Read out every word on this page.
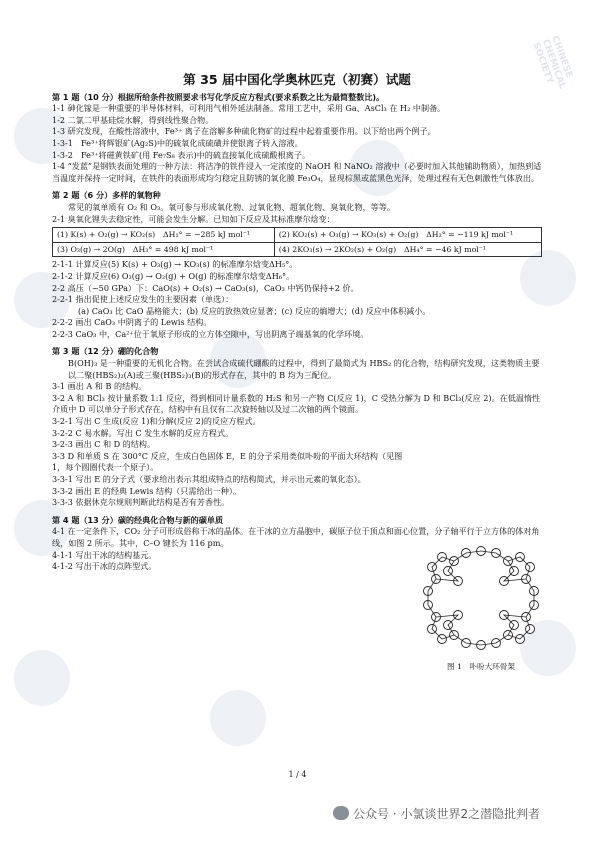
CHINESE CHEMICAL SOCIETY
第 35 届中国化学奥林匹克（初赛）试题

第 1 题（10 分）根据所给条件按照要求书写化学反应方程式(要求系数之比为最简整数比)。

1-1 砷化镓是一种重要的半导体材料，可利用气相外延法制备。常用工艺中，采用 Ga、AsCl₃ 在 H₂ 中制备。

1-2 二氯二甲基硅烷水解，得到线性聚合物。

1-3 研究发现，在酸性溶液中，Fe³⁺ 离子在溶解多种硫化物矿的过程中起着重要作用。以下给出两个例子。

1-3-1　Fe³⁺将辉银矿(Ag₂S)中的硫氧化成硫磺并使银离子转入溶液。

1-3-2　Fe³⁺将磁黄铁矿(用 Fe₇S₈ 表示)中的硫直接氧化成硫酸根离子。

1-4 “发蓝”是钢铁表面处理的一种方法：将洁净的铁件浸入一定浓度的 NaOH 和 NaNO₂ 溶液中（必要时加入其他辅助物质），加热到适当温度并保持一定时间，在铁件的表面形成均匀稳定且防锈的氧化膜 Fe₃O₄，显现棕黑或蓝黑色光泽，处理过程有无色刺激性气体放出。

第 2 题（6 分）多样的氧物种

常见的氧单质有 O₂ 和 O₃。氧可参与形成氧化物、过氧化物、超氧化物、臭氧化物，等等。

2-1 臭氧化锂失去稳定性，可能会发生分解。已知如下反应及其标准摩尔焓变：

(1) K(s) + O₂(g) → KO₂(s)　ΔH₁° = −285 kJ mol⁻¹	(2) KO₂(s) + O₃(g) → KO₃(s) + O₂(g)　ΔH₂° = −119 kJ mol⁻¹
(3) O₃(g) → 2O(g)　ΔH₃° = 498 kJ mol⁻¹	(4) 2KO₃(s) → 2KO₂(s) + O₂(g)　ΔH₄° = −46 kJ mol⁻¹

2-1-1 计算反应(5) K(s) + O₃(g) → KO₃(s) 的标准摩尔焓变ΔH₅°。

2-1-2 计算反应(6) O₃(g) → O₂(g) + O(g) 的标准摩尔焓变ΔH₆°。

2-2 高压（~50 GPa）下：CaO(s) + O₂(s) → CaO₃(s)，CaO₃ 中钙仍保持+2 价。

2-2-1 指出促使上述反应发生的主要因素（单选）：

(a) CaO₃ 比 CaO 晶格能大；(b) 反应的放热效应显著；(c) 反应的熵增大；(d) 反应中体积减小。

2-2-2 画出 CaO₃ 中阴离子的 Lewis 结构。

2-2-3 CaO₃ 中，Ca²⁺位于氧原子形成的立方体空隙中，写出阴离子端基氧的化学环境。

第 3 题（12 分）硼的化合物

B(OH)₃ 是一种重要的无机化合物。在尝试合成硫代硼酸的过程中，得到了最简式为 HBS₂ 的化合物，结构研究发现，这类物质主要以二聚(HBS₂)₂(A)或三聚(HBS₂)₃(B)的形式存在，其中的 B 均为三配位。

3-1 画出 A 和 B 的结构。

3-2 A 和 BCl₃ 按计量系数 1:1 反应，得到相同计量系数的 H₂S 和另一产物 C(反应 1)，C 受热分解为 D 和 BCl₃(反应 2)。在低温惰性介质中 D 可以单分子形式存在，结构中有且仅有二次旋转轴以及过二次轴的两个镜面。

3-2-1 写出 C 生成(反应 1)和分解(反应 2)的反应方程式。

3-2-2 C 易水解。写出 C 发生水解的反应方程式。

3-2-3 画出 C 和 D 的结构。

3-3 D 和单质 S 在 300°C 反应，生成白色固体 E，E 的分子采用类似卟吩的平面大环结构（见图 1，每个圆圈代表一个原子）。

3-3-1 写出 E 的分子式（要求给出表示其组成特点的结构简式，并示出元素的氧化态）。

3-3-2 画出 E 的经典 Lewis 结构（只需给出一种）。

3-3-3 依据休克尔规则判断此结构是否有芳香性。

第 4 题（13 分）碳的经典化合物与新的碳单质

4-1 在一定条件下，CO₂ 分子可形成俗称干冰的晶体。在干冰的立方晶胞中，碳原子位于顶点和面心位置，分子轴平行于立方体的体对角线，如图 2 所示。其中，C–O 键长为 116 pm。

4-1-1 写出干冰的结构基元。

4-1-2 写出干冰的点阵型式。

图 1　卟吩大环骨架
1 / 4
公众号 · 小氯谈世界2之潜隐批判者
